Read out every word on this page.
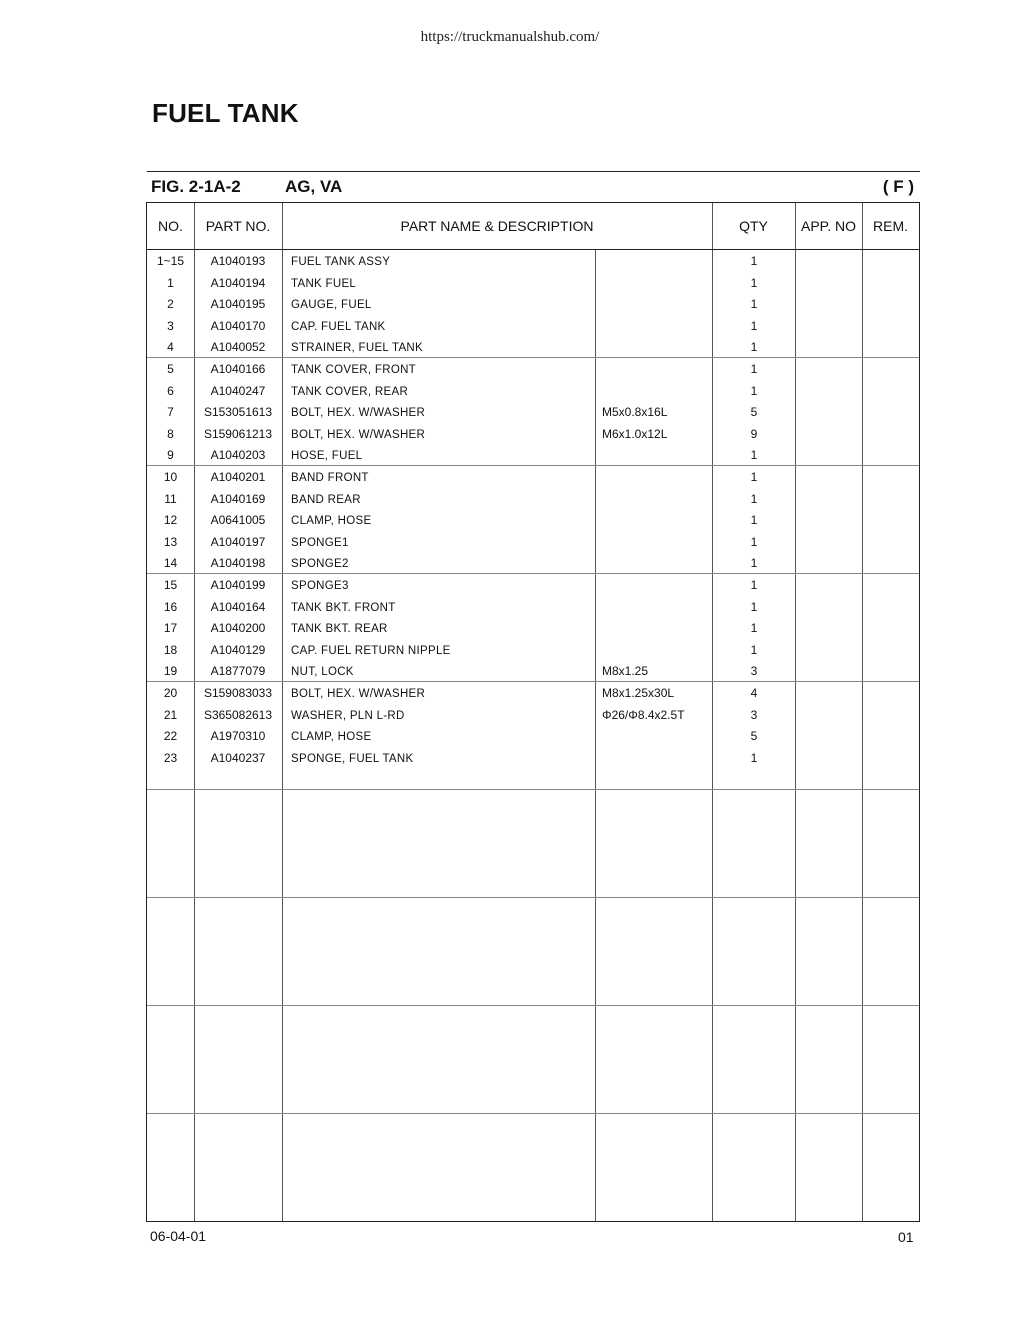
https://truckmanualshub.com/
FUEL TANK
FIG. 2-1A-2	AG, VA	( F )
NO.	PART NO.	PART NAME & DESCRIPTION	QTY	APP. NO	REM.
1~15	A1040193	FUEL TANK ASSY	1
1	A1040194	TANK FUEL	1
2	A1040195	GAUGE, FUEL	1
3	A1040170	CAP. FUEL TANK	1
4	A1040052	STRAINER, FUEL TANK	1
5	A1040166	TANK COVER, FRONT	1
6	A1040247	TANK COVER, REAR	1
7	S153051613	BOLT, HEX. W/WASHER	M5x0.8x16L	5
8	S159061213	BOLT, HEX. W/WASHER	M6x1.0x12L	9
9	A1040203	HOSE, FUEL	1
10	A1040201	BAND FRONT	1
11	A1040169	BAND REAR	1
12	A0641005	CLAMP, HOSE	1
13	A1040197	SPONGE1	1
14	A1040198	SPONGE2	1
15	A1040199	SPONGE3	1
16	A1040164	TANK BKT. FRONT	1
17	A1040200	TANK BKT. REAR	1
18	A1040129	CAP. FUEL RETURN NIPPLE	1
19	A1877079	NUT, LOCK	M8x1.25	3
20	S159083033	BOLT, HEX. W/WASHER	M8x1.25x30L	4
21	S365082613	WASHER, PLN L-RD	Φ26/Φ8.4x2.5T	3
22	A1970310	CLAMP, HOSE	5
23	A1040237	SPONGE, FUEL TANK	1
06-04-01	01
